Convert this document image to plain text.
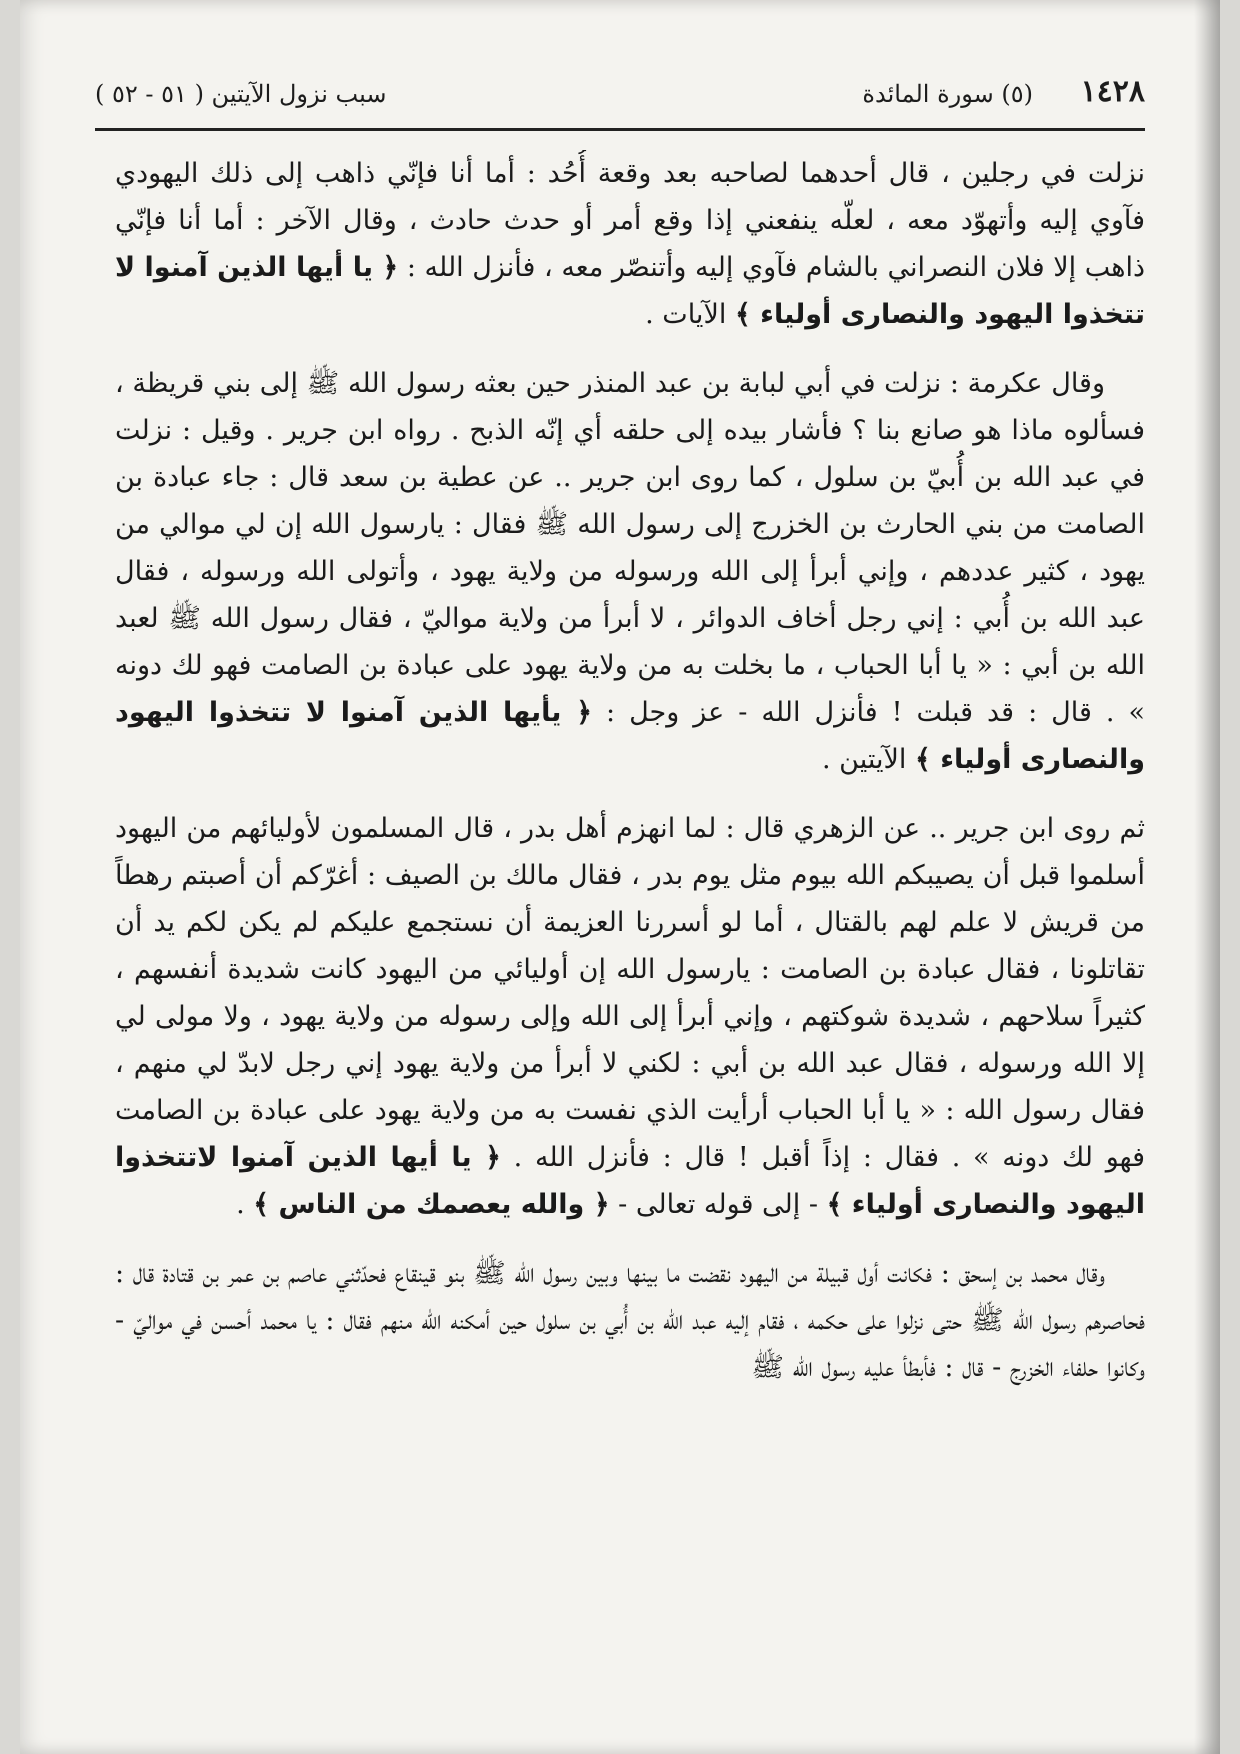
١٤٢٨
(٥) سورة المائدة
سبب نزول الآيتين ( ٥١ - ٥٢ )

نزلت في رجلين ، قال أحدهما لصاحبه بعد وقعة أُحُد : أما أنا فإنّي ذاهب إلى ذلك اليهودي فآوي إليه وأتهوّد معه ، لعلّه ينفعني إذا وقع أمر أو حدث حادث ، وقال الآخر : أما أنا فإنّي ذاهب إلا فلان النصراني بالشام فآوي إليه وأتنصّر معه ، فأنزل الله : ﴿ يا أيها الذين آمنوا لا تتخذوا اليهود والنصارى أولياء ﴾ الآيات .

وقال عكرمة : نزلت في أبي لبابة بن عبد المنذر حين بعثه رسول الله ﷺ إلى بني قريظة ، فسألوه ماذا هو صانع بنا ؟ فأشار بيده إلى حلقه أي إنّه الذبح . رواه ابن جرير . وقيل : نزلت في عبد الله بن أُبيّ بن سلول ، كما روى ابن جرير .. عن عطية بن سعد قال : جاء عبادة بن الصامت من بني الحارث بن الخزرج إلى رسول الله ﷺ فقال : يارسول الله إن لي موالي من يهود ، كثير عددهم ، وإني أبرأ إلى الله ورسوله من ولاية يهود ، وأتولى الله ورسوله ، فقال عبد الله بن أُبي : إني رجل أخاف الدوائر ، لا أبرأ من ولاية مواليّ ، فقال رسول الله ﷺ لعبد الله بن أبي : « يا أبا الحباب ، ما بخلت به من ولاية يهود على عبادة بن الصامت فهو لك دونه » . قال : قد قبلت ! فأنزل الله - عز وجل : ﴿ يأيها الذين آمنوا لا تتخذوا اليهود والنصارى أولياء ﴾ الآيتين .

ثم روى ابن جرير .. عن الزهري قال : لما انهزم أهل بدر ، قال المسلمون لأوليائهم من اليهود أسلموا قبل أن يصيبكم الله بيوم مثل يوم بدر ، فقال مالك بن الصيف : أغرّكم أن أصبتم رهطاً من قريش لا علم لهم بالقتال ، أما لو أسررنا العزيمة أن نستجمع عليكم لم يكن لكم يد أن تقاتلونا ، فقال عبادة بن الصامت : يارسول الله إن أوليائي من اليهود كانت شديدة أنفسهم ، كثيراً سلاحهم ، شديدة شوكتهم ، وإني أبرأ إلى الله وإلى رسوله من ولاية يهود ، ولا مولى لي إلا الله ورسوله ، فقال عبد الله بن أبي : لكني لا أبرأ من ولاية يهود إني رجل لابدّ لي منهم ، فقال رسول الله : « يا أبا الحباب أرأيت الذي نفست به من ولاية يهود على عبادة بن الصامت فهو لك دونه » . فقال : إذاً أقبل ! قال : فأنزل الله . ﴿ يا أيها الذين آمنوا لاتتخذوا اليهود والنصارى أولياء ﴾ - إلى قوله تعالى - ﴿ والله يعصمك من الناس ﴾ .

وقال محمد بن إسحق : فكانت أول قبيلة من اليهود نقضت ما بينها وبين رسول الله ﷺ بنو قينقاع فحدّثني عاصم بن عمر بن قتادة قال : فحاصرهم رسول الله ﷺ حتى نزلوا على حكمه ، فقام إليه عبد الله بن أُبي بن سلول حين أمكنه الله منهم فقال : يا محمد أحسن في مواليّ - وكانوا حلفاء الخزرج - قال : فأبطأ عليه رسول الله ﷺ
